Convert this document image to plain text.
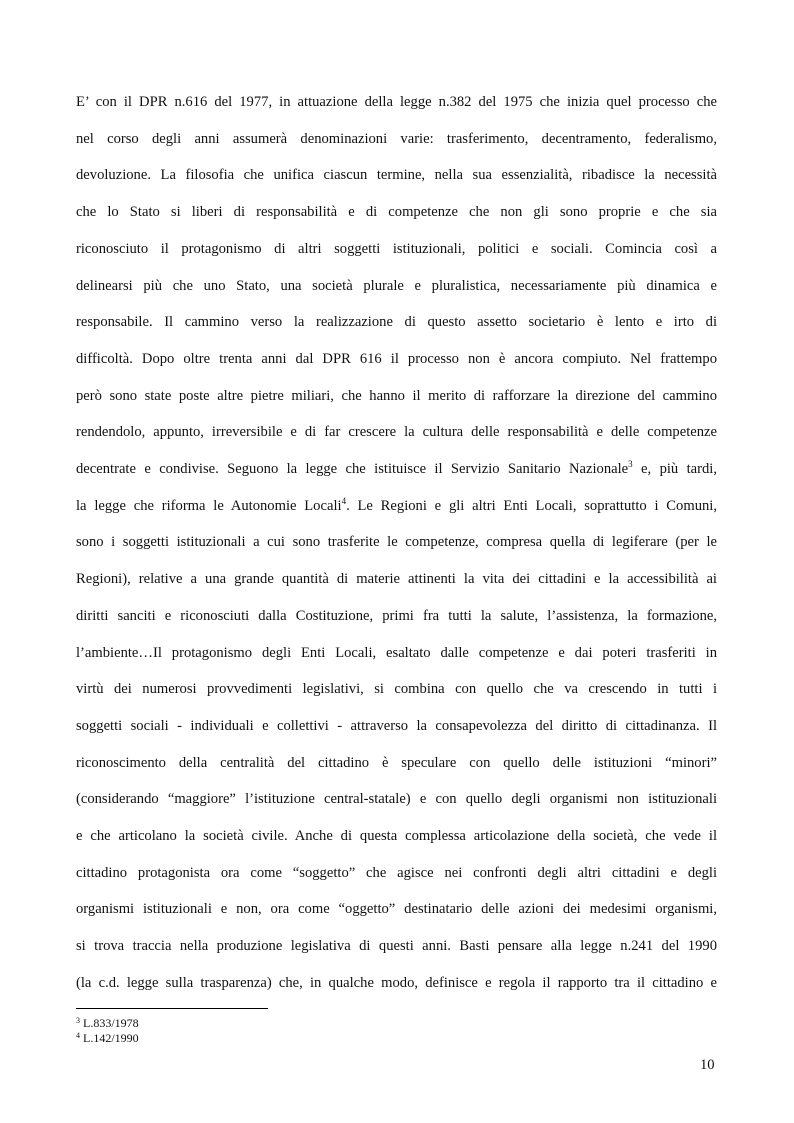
E’ con il DPR n.616 del 1977, in attuazione della legge n.382 del 1975 che inizia quel processo che
nel corso degli anni assumerà denominazioni varie: trasferimento, decentramento, federalismo,
devoluzione. La filosofia che unifica ciascun termine, nella sua essenzialità, ribadisce la necessità
che lo Stato si liberi di responsabilità e di competenze che non gli sono proprie e che sia
riconosciuto il protagonismo di altri soggetti istituzionali, politici e sociali. Comincia così a
delinearsi più che uno Stato, una società plurale e pluralistica, necessariamente più dinamica e
responsabile. Il cammino verso la realizzazione di questo assetto societario è lento e irto di
difficoltà. Dopo oltre trenta anni dal DPR 616 il processo non è ancora compiuto. Nel frattempo
però sono state poste altre pietre miliari, che hanno il merito di rafforzare la direzione del cammino
rendendolo, appunto, irreversibile e di far crescere la cultura delle responsabilità e delle competenze
decentrate e condivise. Seguono la legge che istituisce il Servizio Sanitario Nazionale$^3$ e, più tardi,
la legge che riforma le Autonomie Locali$^4$. Le Regioni e gli altri Enti Locali, soprattutto i Comuni,
sono i soggetti istituzionali a cui sono trasferite le competenze, compresa quella di legiferare (per le
Regioni), relative a una grande quantità di materie attinenti la vita dei cittadini e la accessibilità ai
diritti sanciti e riconosciuti dalla Costituzione, primi fra tutti la salute, l’assistenza, la formazione,
l’ambiente…Il protagonismo degli Enti Locali, esaltato dalle competenze e dai poteri trasferiti in
virtù dei numerosi provvedimenti legislativi, si combina con quello che va crescendo in tutti i
soggetti sociali - individuali e collettivi - attraverso la consapevolezza del diritto di cittadinanza. Il
riconoscimento della centralità del cittadino è speculare con quello delle istituzioni “minori”
(considerando “maggiore” l’istituzione central-statale) e con quello degli organismi non istituzionali
e che articolano la società civile. Anche di questa complessa articolazione della società, che vede il
cittadino protagonista ora come “soggetto” che agisce nei confronti degli altri cittadini e degli
organismi istituzionali e non, ora come “oggetto” destinatario delle azioni dei medesimi organismi,
si trova traccia nella produzione legislativa di questi anni. Basti pensare alla legge n.241 del 1990
(la c.d. legge sulla trasparenza) che, in qualche modo, definisce e regola il rapporto tra il cittadino e
$^3$ L.833/1978
$^4$ L.142/1990
10
